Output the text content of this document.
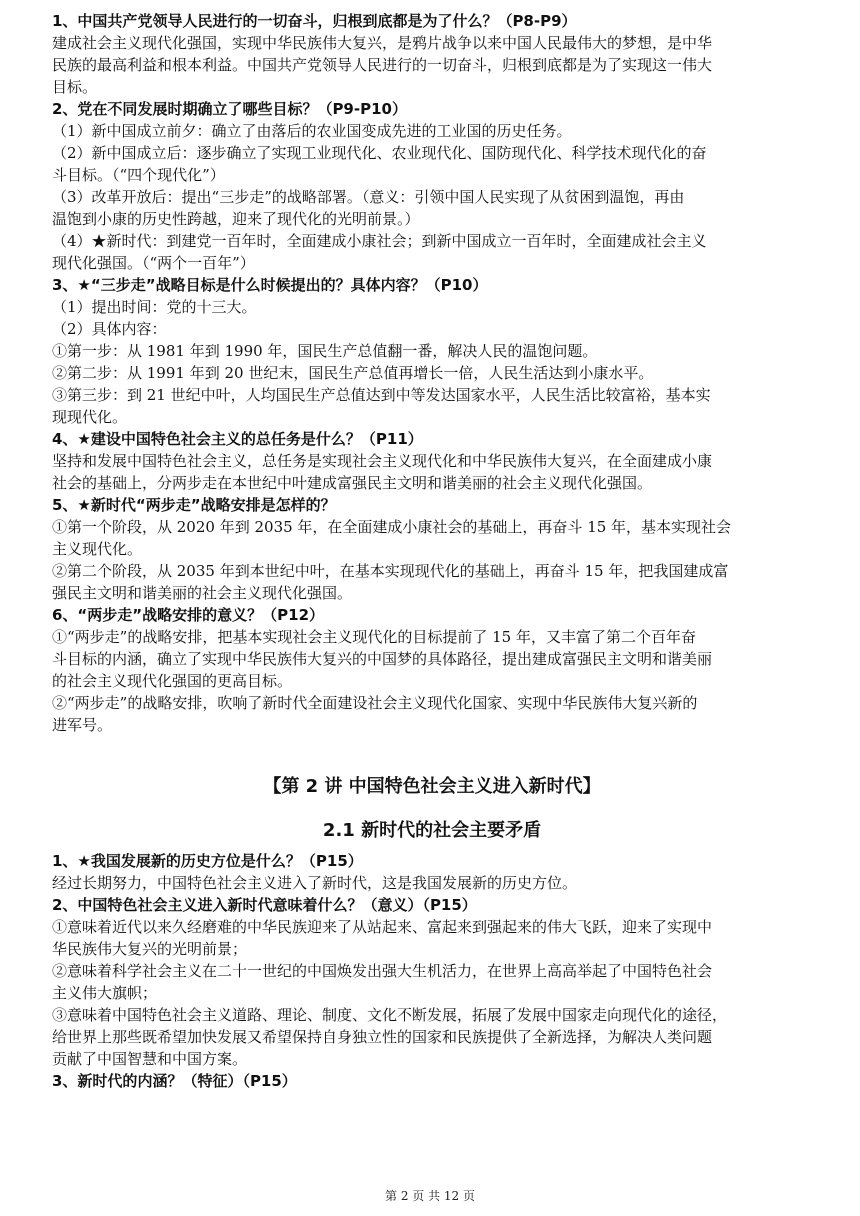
1、中国共产党领导人民进行的一切奋斗，归根到底都是为了什么？（P8-P9）
建成社会主义现代化强国，实现中华民族伟大复兴，是鸦片战争以来中国人民最伟大的梦想，是中华
民族的最高利益和根本利益。中国共产党领导人民进行的一切奋斗，归根到底都是为了实现这一伟大
目标。
2、党在不同发展时期确立了哪些目标？（P9-P10）
（1）新中国成立前夕：确立了由落后的农业国变成先进的工业国的历史任务。
（2）新中国成立后：逐步确立了实现工业现代化、农业现代化、国防现代化、科学技术现代化的奋
斗目标。（“四个现代化”）
（3）改革开放后：提出“三步走”的战略部署。（意义：引领中国人民实现了从贫困到温饱，再由
温饱到小康的历史性跨越，迎来了现代化的光明前景。）
（4）★新时代：到建党一百年时，全面建成小康社会；到新中国成立一百年时，全面建成社会主义
现代化强国。（“两个一百年”）
3、★“三步走”战略目标是什么时候提出的？具体内容？（P10）
（1）提出时间：党的十三大。
（2）具体内容：
①第一步：从 1981 年到 1990 年，国民生产总值翻一番，解决人民的温饱问题。
②第二步：从 1991 年到 20 世纪末，国民生产总值再增长一倍，人民生活达到小康水平。
③第三步：到 21 世纪中叶，人均国民生产总值达到中等发达国家水平，人民生活比较富裕，基本实
现现代化。
4、★建设中国特色社会主义的总任务是什么？（P11）
坚持和发展中国特色社会主义，总任务是实现社会主义现代化和中华民族伟大复兴，在全面建成小康
社会的基础上，分两步走在本世纪中叶建成富强民主文明和谐美丽的社会主义现代化强国。
5、★新时代“两步走”战略安排是怎样的？
①第一个阶段，从 2020 年到 2035 年，在全面建成小康社会的基础上，再奋斗 15 年，基本实现社会
主义现代化。
②第二个阶段，从 2035 年到本世纪中叶，在基本实现现代化的基础上，再奋斗 15 年，把我国建成富
强民主文明和谐美丽的社会主义现代化强国。
6、“两步走”战略安排的意义？（P12）
①“两步走”的战略安排，把基本实现社会主义现代化的目标提前了 15 年，又丰富了第二个百年奋
斗目标的内涵，确立了实现中华民族伟大复兴的中国梦的具体路径，提出建成富强民主文明和谐美丽
的社会主义现代化强国的更高目标。
②“两步走”的战略安排，吹响了新时代全面建设社会主义现代化国家、实现中华民族伟大复兴新的
进军号。
【第 2 讲 中国特色社会主义进入新时代】
2.1 新时代的社会主要矛盾
1、★我国发展新的历史方位是什么？（P15）
经过长期努力，中国特色社会主义进入了新时代，这是我国发展新的历史方位。
2、中国特色社会主义进入新时代意味着什么？（意义）（P15）
①意味着近代以来久经磨难的中华民族迎来了从站起来、富起来到强起来的伟大飞跃，迎来了实现中
华民族伟大复兴的光明前景；
②意味着科学社会主义在二十一世纪的中国焕发出强大生机活力，在世界上高高举起了中国特色社会
主义伟大旗帜；
③意味着中国特色社会主义道路、理论、制度、文化不断发展，拓展了发展中国家走向现代化的途径，
给世界上那些既希望加快发展又希望保持自身独立性的国家和民族提供了全新选择，为解决人类问题
贡献了中国智慧和中国方案。
3、新时代的内涵？（特征）（P15）
第 2 页 共 12 页
